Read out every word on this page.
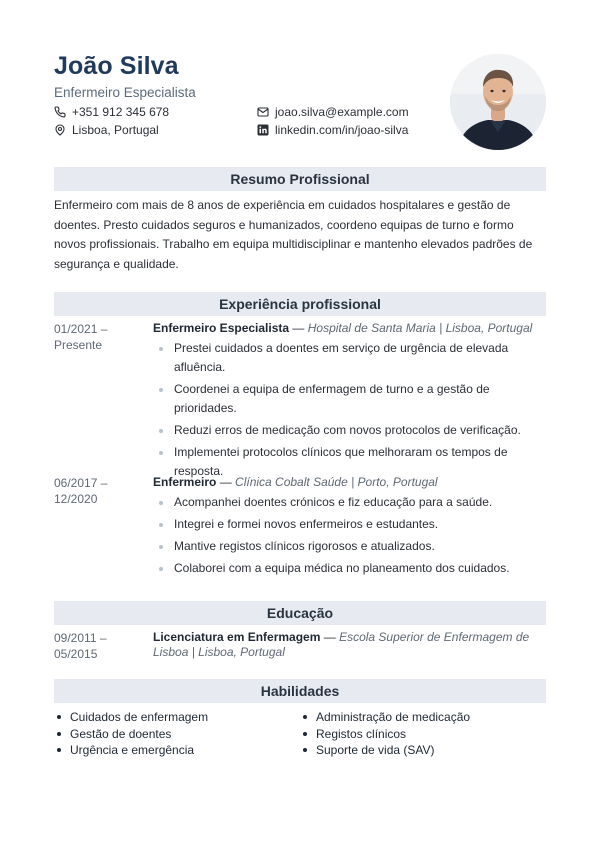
João Silva
Enfermeiro Especialista
+351 912 345 678
Lisboa, Portugal
joao.silva@example.com
linkedin.com/in/joao-silva
Resumo Profissional
Enfermeiro com mais de 8 anos de experiência em cuidados hospitalares e gestão de doentes. Presto cuidados seguros e humanizados, coordeno equipas de turno e formo novos profissionais. Trabalho em equipa multidisciplinar e mantenho elevados padrões de segurança e qualidade.
Experiência profissional
01/2021 –
Presente
Enfermeiro Especialista — Hospital de Santa Maria | Lisboa, Portugal
Prestei cuidados a doentes em serviço de urgência de elevada afluência.
Coordenei a equipa de enfermagem de turno e a gestão de prioridades.
Reduzi erros de medicação com novos protocolos de verificação.
Implementei protocolos clínicos que melhoraram os tempos de resposta.
06/2017 –
12/2020
Enfermeiro — Clínica Cobalt Saúde | Porto, Portugal
Acompanhei doentes crónicos e fiz educação para a saúde.
Integrei e formei novos enfermeiros e estudantes.
Mantive registos clínicos rigorosos e atualizados.
Colaborei com a equipa médica no planeamento dos cuidados.
Educação
09/2011 –
05/2015
Licenciatura em Enfermagem — Escola Superior de Enfermagem de Lisboa | Lisboa, Portugal
Habilidades
Cuidados de enfermagem
Gestão de doentes
Urgência e emergência
Administração de medicação
Registos clínicos
Suporte de vida (SAV)
